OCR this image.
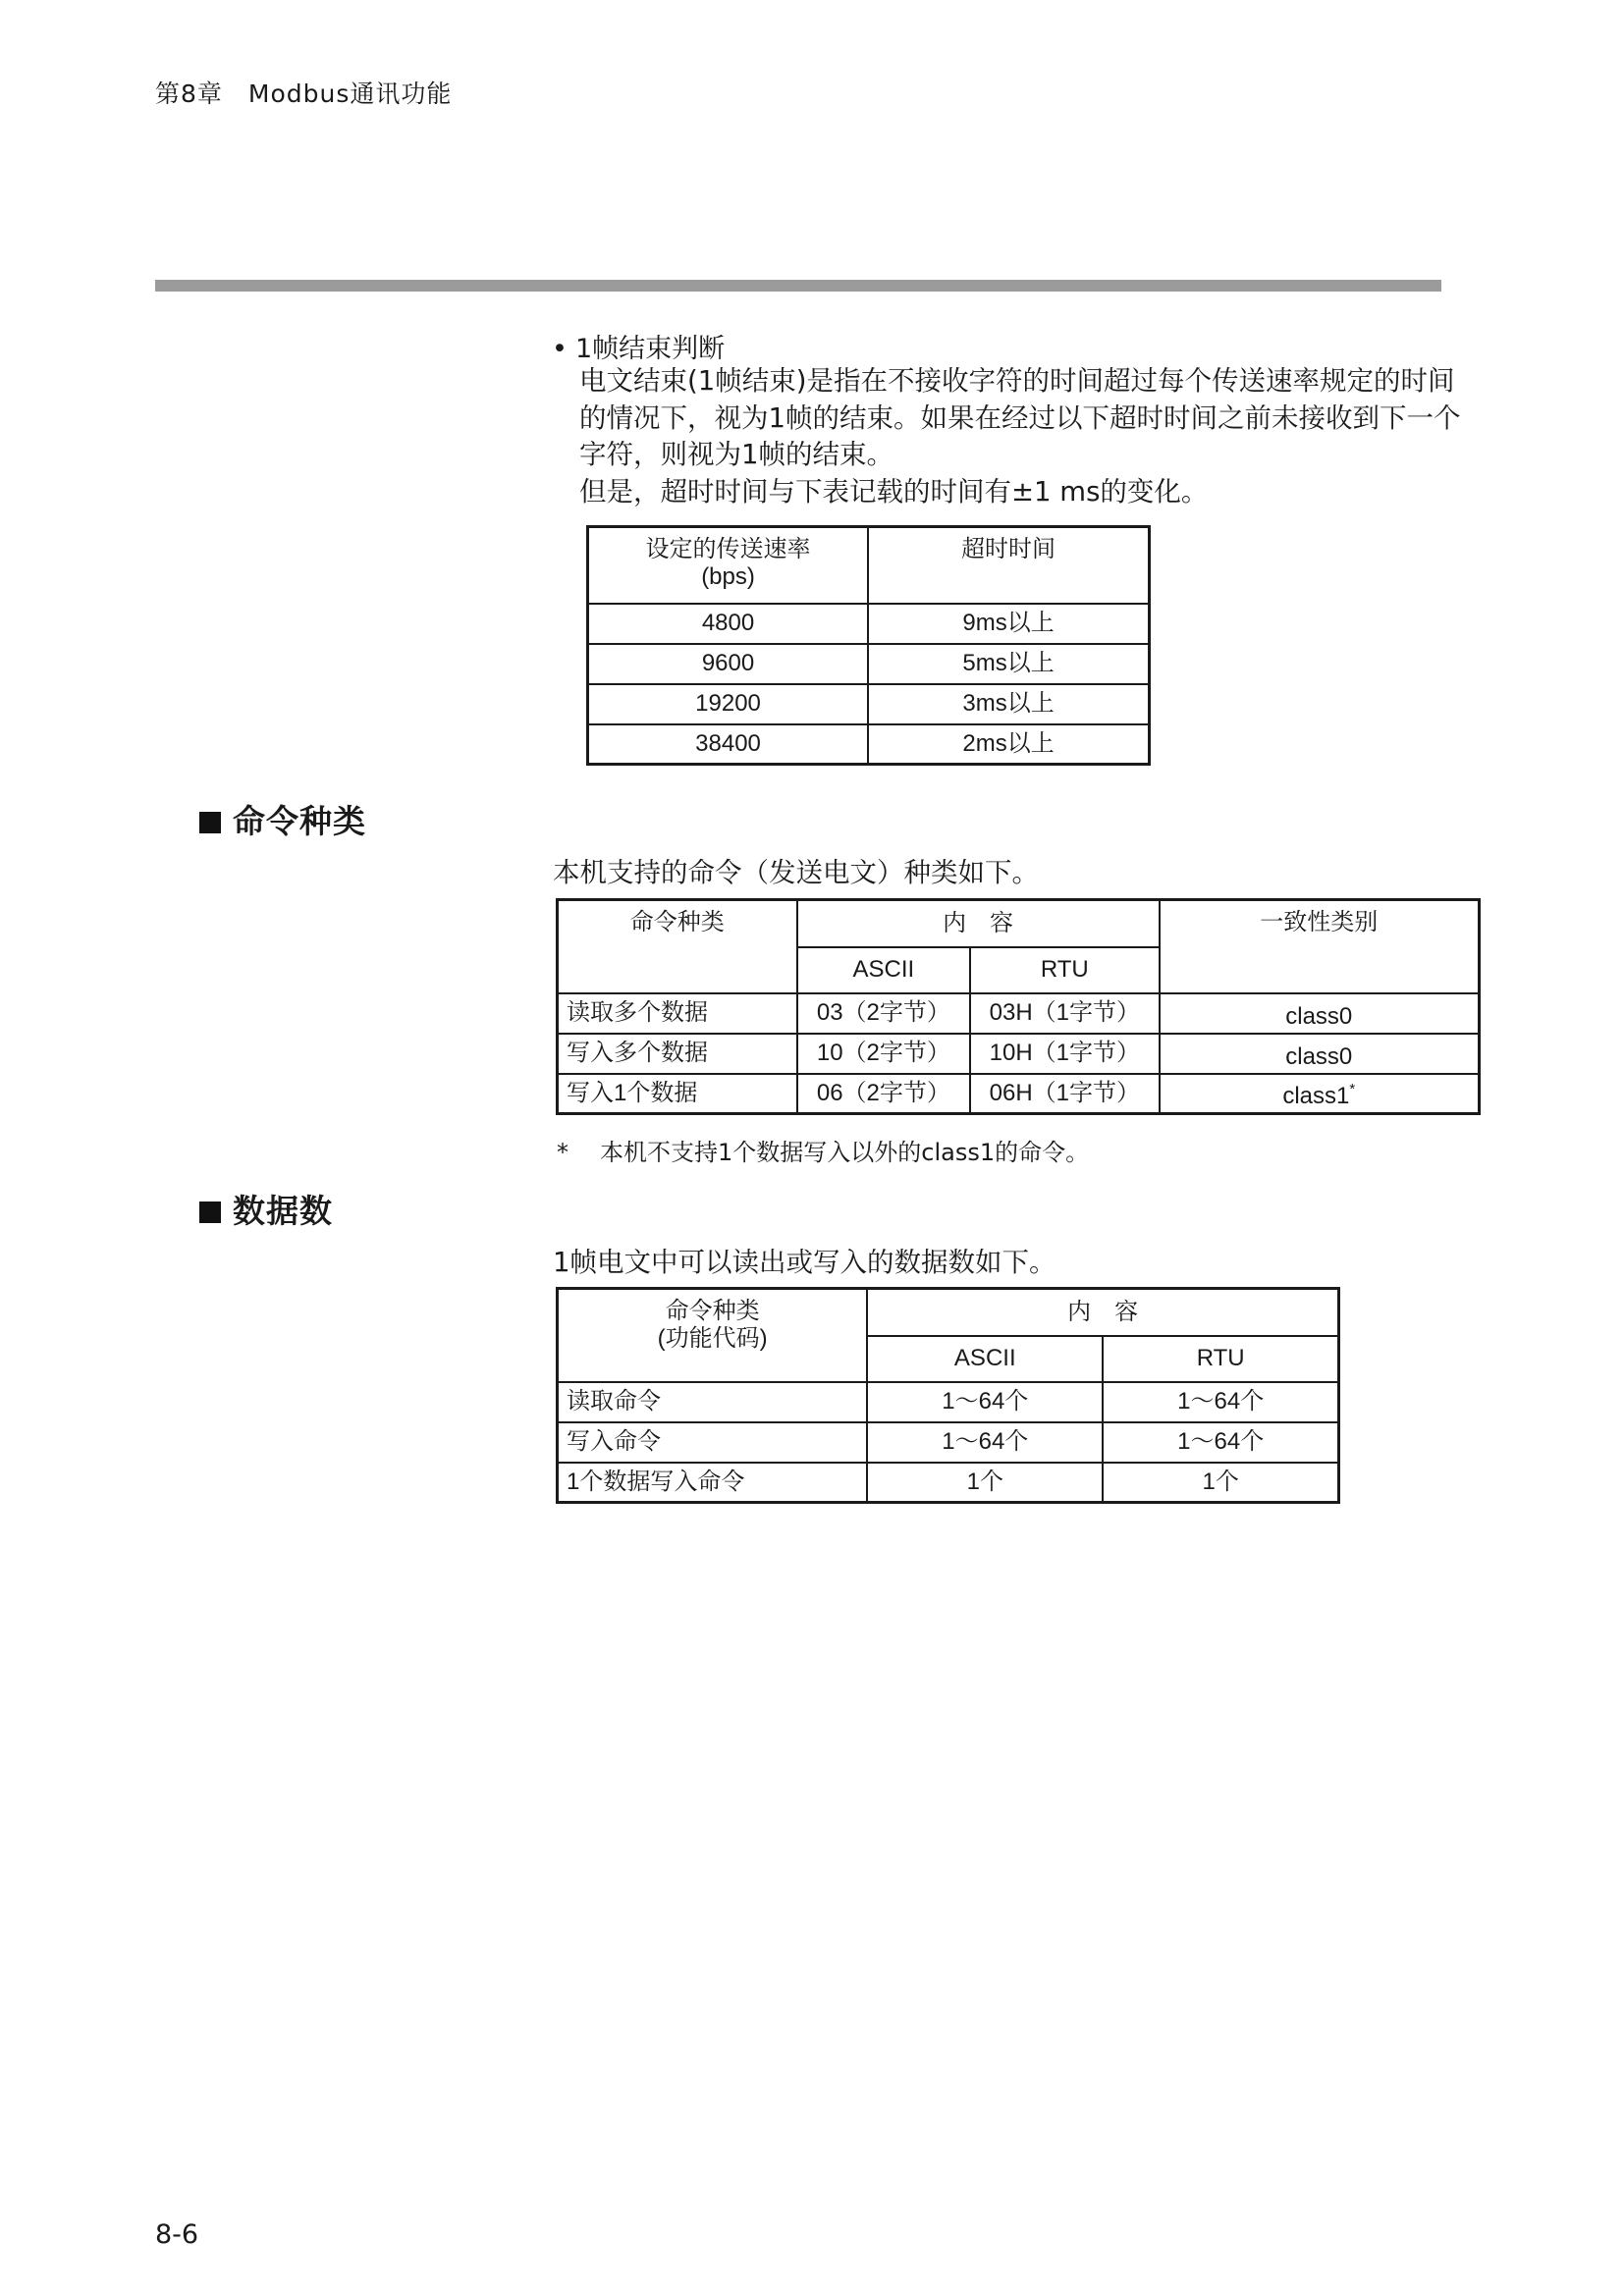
第8章　Modbus通讯功能
• 1帧结束判断
电文结束(1帧结束)是指在不接收字符的时间超过每个传送速率规定的时间
的情况下，视为1帧的结束。如果在经过以下超时时间之前未接收到下一个
字符，则视为1帧的结束。
但是，超时时间与下表记载的时间有±1 ms的变化。
设定的传送速率
(bps)	超时时间
4800	9ms以上
9600	5ms以上
19200	3ms以上
38400	2ms以上
命令种类
本机支持的命令（发送电文）种类如下。
命令种类	内　容		一致性类别
	ASCII	RTU	
读取多个数据	03（2字节）	03H（1字节）	class0
写入多个数据	10（2字节）	10H（1字节）	class0
写入1个数据	06（2字节）	06H（1字节）	class1*
* 本机不支持1个数据写入以外的class1的命令。
数据数
1帧电文中可以读出或写入的数据数如下。
命令种类
(功能代码)	内　容	
	ASCII	RTU
读取命令	1～64个	1～64个
写入命令	1～64个	1～64个
1个数据写入命令	1个	1个
8-6
